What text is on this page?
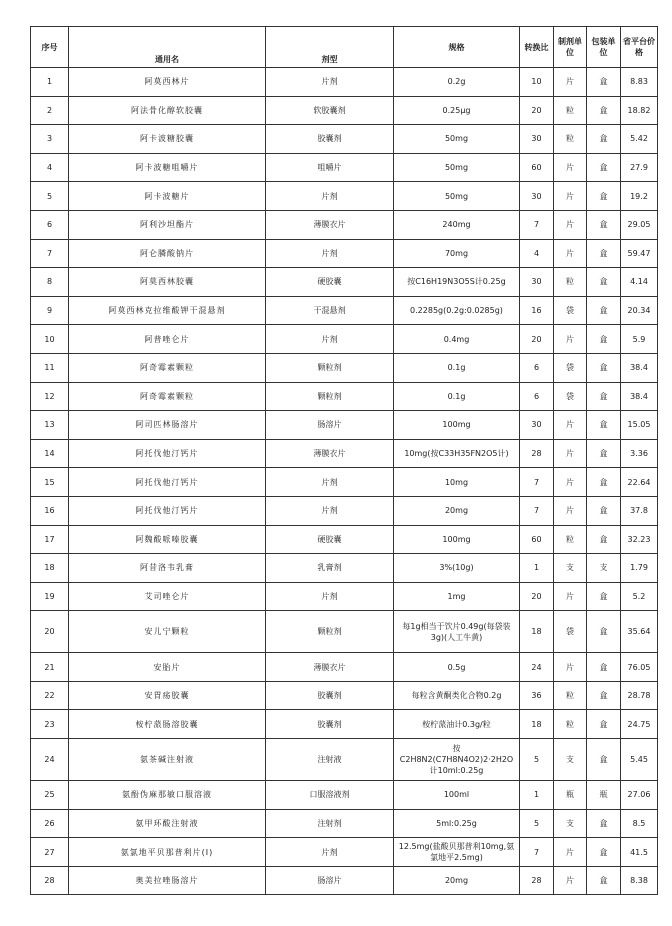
序号	通用名	剂型	规格	转换比	制剂单位	包装单位	省平台价格
1	阿莫西林片	片剂	0.2g	10	片	盒	8.83
2	阿法骨化醇软胶囊	软胶囊剂	0.25μg	20	粒	盒	18.82
3	阿卡波糖胶囊	胶囊剂	50mg	30	粒	盒	5.42
4	阿卡波糖咀嚼片	咀嚼片	50mg	60	片	盒	27.9
5	阿卡波糖片	片剂	50mg	30	片	盒	19.2
6	阿利沙坦酯片	薄膜衣片	240mg	7	片	盒	29.05
7	阿仑膦酸钠片	片剂	70mg	4	片	盒	59.47
8	阿莫西林胶囊	硬胶囊	按C16H19N3O5S计0.25g	30	粒	盒	4.14
9	阿莫西林克拉维酸钾干混悬剂	干混悬剂	0.2285g(0.2g:0.0285g)	16	袋	盒	20.34
10	阿普唑仑片	片剂	0.4mg	20	片	盒	5.9
11	阿奇霉素颗粒	颗粒剂	0.1g	6	袋	盒	38.4
12	阿奇霉素颗粒	颗粒剂	0.1g	6	袋	盒	38.4
13	阿司匹林肠溶片	肠溶片	100mg	30	片	盒	15.05
14	阿托伐他汀钙片	薄膜衣片	10mg(按C33H35FN2O5计)	28	片	盒	3.36
15	阿托伐他汀钙片	片剂	10mg	7	片	盒	22.64
16	阿托伐他汀钙片	片剂	20mg	7	片	盒	37.8
17	阿魏酸哌嗪胶囊	硬胶囊	100mg	60	粒	盒	32.23
18	阿昔洛韦乳膏	乳膏剂	3%(10g)	1	支	支	1.79
19	艾司唑仑片	片剂	1mg	20	片	盒	5.2
20	安儿宁颗粒	颗粒剂	每1g相当于饮片0.49g(每袋装3g)(人工牛黄)	18	袋	盒	35.64
21	安胎片	薄膜衣片	0.5g	24	片	盒	76.05
22	安胃疡胶囊	胶囊剂	每粒含黄酮类化合物0.2g	36	粒	盒	28.78
23	桉柠蒎肠溶胶囊	胶囊剂	桉柠蒎油计0.3g/粒	18	粒	盒	24.75
24	氨茶碱注射液	注射液	按C2H8N2(C7H8N4O2)2·2H2O计10ml:0.25g	5	支	盒	5.45
25	氨酚伪麻那敏口服溶液	口服溶液剂	100ml	1	瓶	瓶	27.06
26	氨甲环酸注射液	注射剂	5ml:0.25g	5	支	盒	8.5
27	氨氯地平贝那普利片(Ⅰ)	片剂	12.5mg(盐酸贝那普利10mg,氨氯地平2.5mg)	7	片	盒	41.5
28	奥美拉唑肠溶片	肠溶片	20mg	28	片	盒	8.38
